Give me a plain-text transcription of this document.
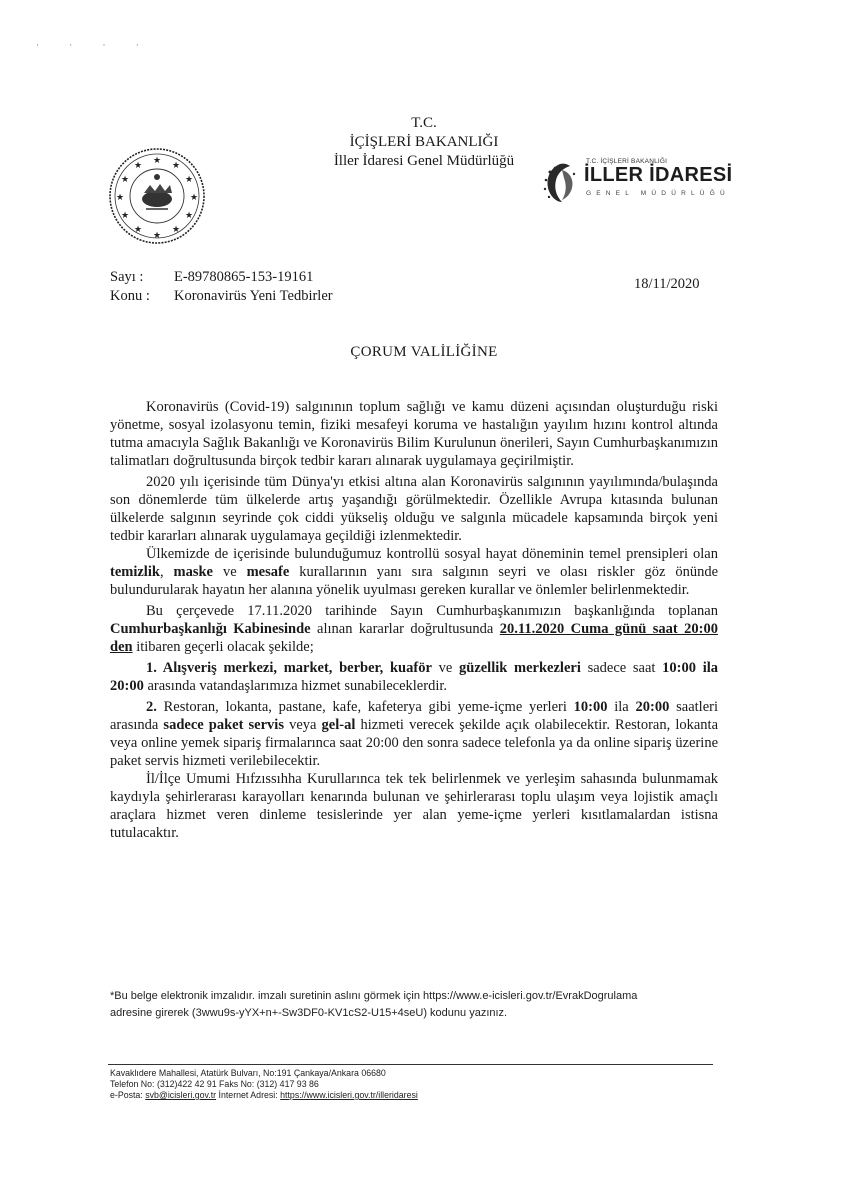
· · · ·
T.C.
İÇİŞLERİ BAKANLIĞI
İller İdaresi Genel Müdürlüğü
★
★	★
★	★
★	★
★	★
★	★
★
T.C. İÇİŞLERİ BAKANLIĞI
İLLER İDARESİ
GENEL MÜDÜRLÜĞÜ
Sayı :	E-89780865-153-19161
Konu :	Koronavirüs Yeni Tedbirler
18/11/2020
ÇORUM VALİLİĞİNE

Koronavirüs (Covid-19) salgınının toplum sağlığı ve kamu düzeni açısından oluşturduğu riski yönetme, sosyal izolasyonu temin, fiziki mesafeyi koruma ve hastalığın yayılım hızını kontrol altında tutma amacıyla Sağlık Bakanlığı ve Koronavirüs Bilim Kurulunun önerileri, Sayın Cumhurbaşkanımızın talimatları doğrultusunda birçok tedbir kararı alınarak uygulamaya geçirilmiştir.

2020 yılı içerisinde tüm Dünya'yı etkisi altına alan Koronavirüs salgınının yayılımında/bulaşında son dönemlerde tüm ülkelerde artış yaşandığı görülmektedir. Özellikle Avrupa kıtasında bulunan ülkelerde salgının seyrinde çok ciddi yükseliş olduğu ve salgınla mücadele kapsamında birçok yeni tedbir kararları alınarak uygulamaya geçildiği izlenmektedir.

Ülkemizde de içerisinde bulunduğumuz kontrollü sosyal hayat döneminin temel prensipleri olan temizlik, maske ve mesafe kurallarının yanı sıra salgının seyri ve olası riskler göz önünde bulundurularak hayatın her alanına yönelik uyulması gereken kurallar ve önlemler belirlenmektedir.

Bu çerçevede 17.11.2020 tarihinde Sayın Cumhurbaşkanımızın başkanlığında toplanan Cumhurbaşkanlığı Kabinesinde alınan kararlar doğrultusunda 20.11.2020 Cuma günü saat 20:00 den itibaren geçerli olacak şekilde;

1. Alışveriş merkezi, market, berber, kuaför ve güzellik merkezleri sadece saat 10:00 ila 20:00 arasında vatandaşlarımıza hizmet sunabileceklerdir.

2. Restoran, lokanta, pastane, kafe, kafeterya gibi yeme-içme yerleri 10:00 ila 20:00 saatleri arasında sadece paket servis veya gel-al hizmeti verecek şekilde açık olabilecektir. Restoran, lokanta veya online yemek sipariş firmalarınca saat 20:00 den sonra sadece telefonla ya da online sipariş üzerine paket servis hizmeti verilebilecektir.

İl/İlçe Umumi Hıfzıssıhha Kurullarınca tek tek belirlenmek ve yerleşim sahasında bulunmamak kaydıyla şehirlerarası karayolları kenarında bulunan ve şehirlerarası toplu ulaşım veya lojistik amaçlı araçlara hizmet veren dinleme tesislerinde yer alan yeme-içme yerleri kısıtlamalardan istisna tutulacaktır.

*Bu belge elektronik imzalıdır. imzalı suretinin aslını görmek için https://www.e-icisleri.gov.tr/EvrakDogrulama
adresine girerek (3wwu9s-yYX+n+-Sw3DF0-KV1cS2-U15+4seU) kodunu yazınız.
Kavaklıdere Mahallesi, Atatürk Bulvarı, No:191 Çankaya/Ankara 06680
Telefon No: (312)422 42 91 Faks No: (312) 417 93 86
e-Posta: svb@icisleri.gov.tr İnternet Adresi: https://www.icisleri.gov.tr/illeridaresi
